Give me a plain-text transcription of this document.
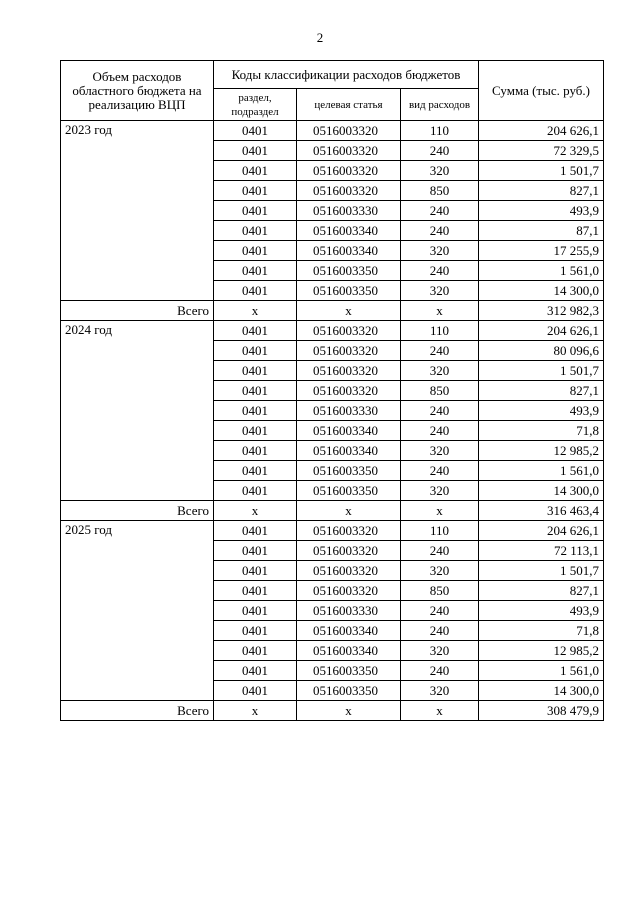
2
Объем расходов областного бюджета на реализацию ВЦП	Коды классификации расходов бюджетов			Сумма (тыс. руб.)
	раздел, подраздел	целевая статья	вид расходов	
2023 год	0401	0516003320	110	204 626,1
	0401	0516003320	240	72 329,5
	0401	0516003320	320	1 501,7
	0401	0516003320	850	827,1
	0401	0516003330	240	493,9
	0401	0516003340	240	87,1
	0401	0516003340	320	17 255,9
	0401	0516003350	240	1 561,0
	0401	0516003350	320	14 300,0
Всего	х	х	х	312 982,3
2024 год	0401	0516003320	110	204 626,1
	0401	0516003320	240	80 096,6
	0401	0516003320	320	1 501,7
	0401	0516003320	850	827,1
	0401	0516003330	240	493,9
	0401	0516003340	240	71,8
	0401	0516003340	320	12 985,2
	0401	0516003350	240	1 561,0
	0401	0516003350	320	14 300,0
Всего	х	х	х	316 463,4
2025 год	0401	0516003320	110	204 626,1
	0401	0516003320	240	72 113,1
	0401	0516003320	320	1 501,7
	0401	0516003320	850	827,1
	0401	0516003330	240	493,9
	0401	0516003340	240	71,8
	0401	0516003340	320	12 985,2
	0401	0516003350	240	1 561,0
	0401	0516003350	320	14 300,0
Всего	х	х	х	308 479,9
